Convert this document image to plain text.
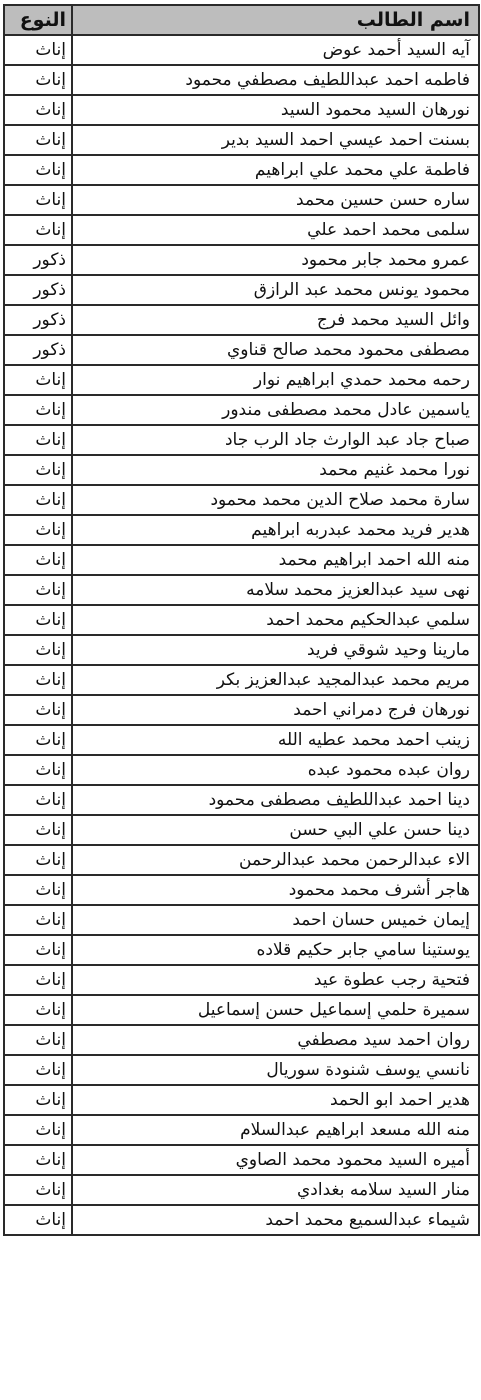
اسم الطالب	النوع
آيه السيد أحمد عوض	إناث
فاطمه احمد عبداللطيف مصطفي محمود	إناث
نورهان السيد محمود السيد	إناث
بسنت احمد عيسي احمد السيد بدير	إناث
فاطمة علي محمد علي ابراهيم	إناث
ساره حسن حسين محمد	إناث
سلمى محمد احمد علي	إناث
عمرو محمد جابر محمود	ذكور
محمود يونس محمد عبد الرازق	ذكور
وائل السيد محمد فرج	ذكور
مصطفى محمود محمد صالح قناوي	ذكور
رحمه محمد حمدي ابراهيم نوار	إناث
ياسمين عادل محمد مصطفى مندور	إناث
صباح جاد عبد الوارث جاد الرب جاد	إناث
نورا محمد غنيم محمد	إناث
سارة محمد صلاح الدين محمد محمود	إناث
هدير فريد محمد عبدربه ابراهيم	إناث
منه الله احمد ابراهيم محمد	إناث
نهى سيد عبدالعزيز محمد سلامه	إناث
سلمي عبدالحكيم محمد احمد	إناث
مارينا وحيد شوقي فريد	إناث
مريم محمد عبدالمجيد عبدالعزيز بكر	إناث
نورهان فرج دمراني احمد	إناث
زينب احمد محمد عطيه الله	إناث
روان عبده محمود عبده	إناث
دينا احمد عبداللطيف مصطفى محمود	إناث
دينا حسن علي البي حسن	إناث
الاء عبدالرحمن محمد عبدالرحمن	إناث
هاجر أشرف محمد محمود	إناث
إيمان خميس حسان احمد	إناث
يوستينا سامي جابر حكيم قلاده	إناث
فتحية رجب عطوة عيد	إناث
سميرة حلمي إسماعيل حسن إسماعيل	إناث
روان احمد سيد مصطفي	إناث
نانسي يوسف شنودة سوريال	إناث
هدير احمد ابو الحمد	إناث
منه الله مسعد ابراهيم عبدالسلام	إناث
أميره السيد محمود محمد الصاوي	إناث
منار السيد سلامه بغدادي	إناث
شيماء عبدالسميع محمد احمد	إناث
